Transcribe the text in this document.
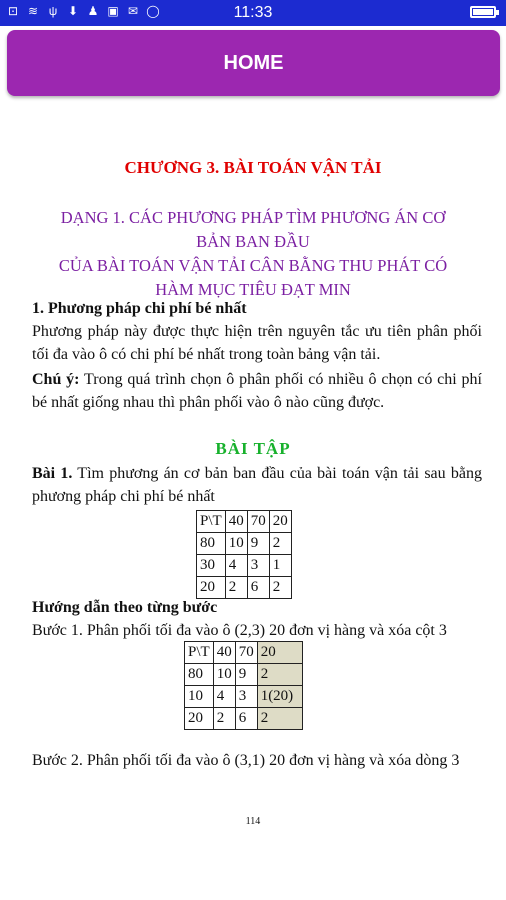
⊡ ≋ ψ ⬇ ♟ ▣ ✉ ◯	11:33
HOME
CHƯƠNG 3. BÀI TOÁN VẬN TẢI
DẠNG 1. CÁC PHƯƠNG PHÁP TÌM PHƯƠNG ÁN CƠ
BẢN BAN ĐẦU
CỦA BÀI TOÁN VẬN TẢI CÂN BẰNG THU PHÁT CÓ
HÀM MỤC TIÊU ĐẠT MIN
1. Phương pháp chi phí bé nhất
Phương pháp này được thực hiện trên nguyên tắc ưu tiên phân phối tối đa vào ô có chi phí bé nhất trong toàn bảng vận tải.
Chú ý: Trong quá trình chọn ô phân phối có nhiều ô chọn có chi phí bé nhất giống nhau thì phân phối vào ô nào cũng được.
BÀI TẬP
Bài 1. Tìm phương án cơ bản ban đầu của bài toán vận tải sau bằng phương pháp chi phí bé nhất
P\T	40	70	20
80	10	9	2
30	4	3	1
20	2	6	2
Hướng dẫn theo từng bước
Bước 1. Phân phối tối đa vào ô (2,3) 20 đơn vị hàng và xóa cột 3
P\T	40	70	20
80	10	9	2
10	4	3	1(20)
20	2	6	2
Bước 2. Phân phối tối đa vào ô (3,1) 20 đơn vị hàng và xóa dòng 3
114
